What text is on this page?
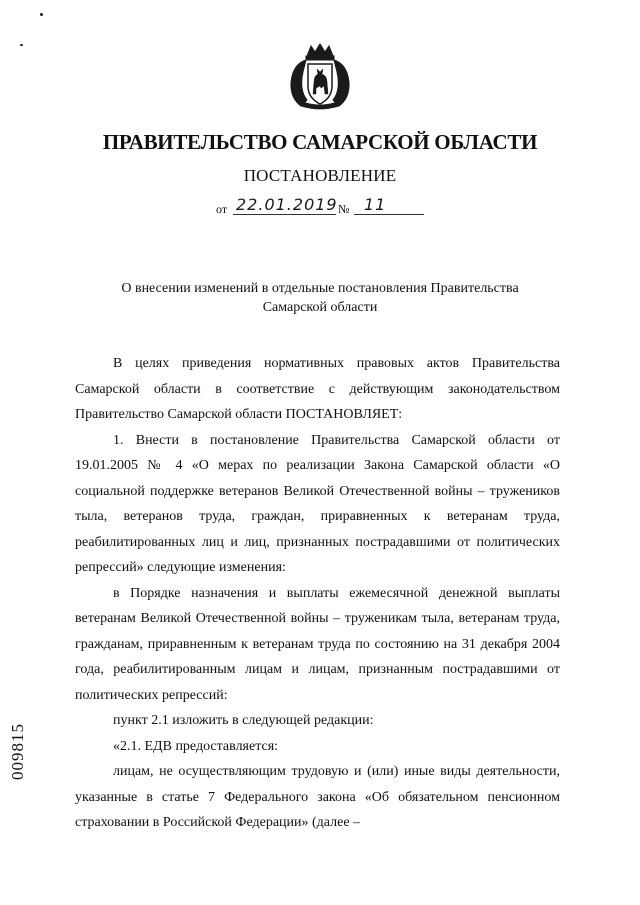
ПРАВИТЕЛЬСТВО САМАРСКОЙ ОБЛАСТИ
ПОСТАНОВЛЕНИЕ
от 22.01.2019 № 11
О внесении изменений в отдельные постановления Правительства Самарской области

В целях приведения нормативных правовых актов Правительства Самарской области в соответствие с действующим законодательством Правительство Самарской области ПОСТАНОВЛЯЕТ:

1. Внести в постановление Правительства Самарской области от 19.01.2005 № 4 «О мерах по реализации Закона Самарской области «О социальной поддержке ветеранов Великой Отечественной войны – тружеников тыла, ветеранов труда, граждан, приравненных к ветеранам труда, реабилитированных лиц и лиц, признанных пострадавшими от политических репрессий» следующие изменения:

в Порядке назначения и выплаты ежемесячной денежной выплаты ветеранам Великой Отечественной войны – труженикам тыла, ветеранам труда, гражданам, приравненным к ветеранам труда по состоянию на 31 декабря 2004 года, реабилитированным лицам и лицам, признанным пострадавшими от политических репрессий:

пункт 2.1 изложить в следующей редакции:

«2.1. ЕДВ предоставляется:

лицам, не осуществляющим трудовую и (или) иные виды деятельности, указанные в статье 7 Федерального закона «Об обязательном пенсионном страховании в Российской Федерации» (далее –

009815
